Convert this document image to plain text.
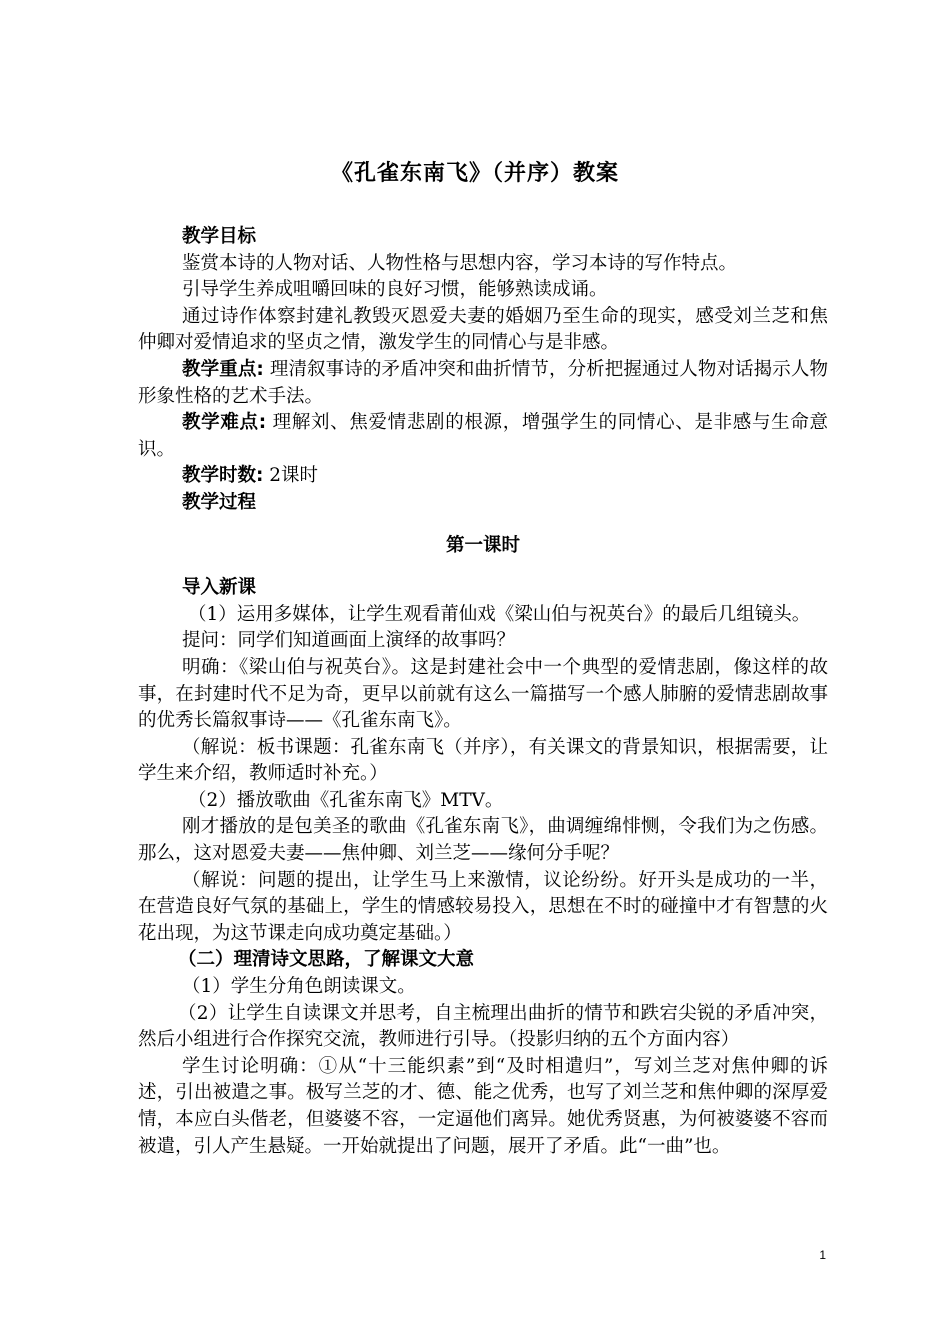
《孔雀东南飞》（并序）教案

教学目标

鉴赏本诗的人物对话、人物性格与思想内容，学习本诗的写作特点。

引导学生养成咀嚼回味的良好习惯，能够熟读成诵。

通过诗作体察封建礼教毁灭恩爱夫妻的婚姻乃至生命的现实，感受刘兰芝和焦仲卿对爱情追求的坚贞之情，激发学生的同情心与是非感。

教学重点: 理清叙事诗的矛盾冲突和曲折情节，分析把握通过人物对话揭示人物形象性格的艺术手法。

教学难点: 理解刘、焦爱情悲剧的根源，增强学生的同情心、是非感与生命意识。

教学时数: 2课时

教学过程

第一课时

导入新课

（1）运用多媒体，让学生观看莆仙戏《梁山伯与祝英台》的最后几组镜头。

提问：同学们知道画面上演绎的故事吗？

明确：《梁山伯与祝英台》。这是封建社会中一个典型的爱情悲剧，像这样的故事，在封建时代不足为奇，更早以前就有这么一篇描写一个感人肺腑的爱情悲剧故事的优秀长篇叙事诗——《孔雀东南飞》。

（解说：板书课题：孔雀东南飞（并序），有关课文的背景知识，根据需要，让学生来介绍，教师适时补充。）

（2）播放歌曲《孔雀东南飞》MTV。

刚才播放的是包美圣的歌曲《孔雀东南飞》，曲调缠绵悱恻，令我们为之伤感。那么，这对恩爱夫妻——焦仲卿、刘兰芝——缘何分手呢？

（解说：问题的提出，让学生马上来激情，议论纷纷。好开头是成功的一半，在营造良好气氛的基础上，学生的情感较易投入，思想在不时的碰撞中才有智慧的火花出现，为这节课走向成功奠定基础。）

（二）理清诗文思路，了解课文大意

（1）学生分角色朗读课文。

（2）让学生自读课文并思考，自主梳理出曲折的情节和跌宕尖锐的矛盾冲突，然后小组进行合作探究交流，教师进行引导。（投影归纳的五个方面内容）

学生讨论明确：①从“十三能织素”到“及时相遣归”，写刘兰芝对焦仲卿的诉述，引出被遣之事。极写兰芝的才、德、能之优秀，也写了刘兰芝和焦仲卿的深厚爱情，本应白头偕老，但婆婆不容，一定逼他们离异。她优秀贤惠，为何被婆婆不容而被遣，引人产生悬疑。一开始就提出了问题，展开了矛盾。此“一曲”也。

1
